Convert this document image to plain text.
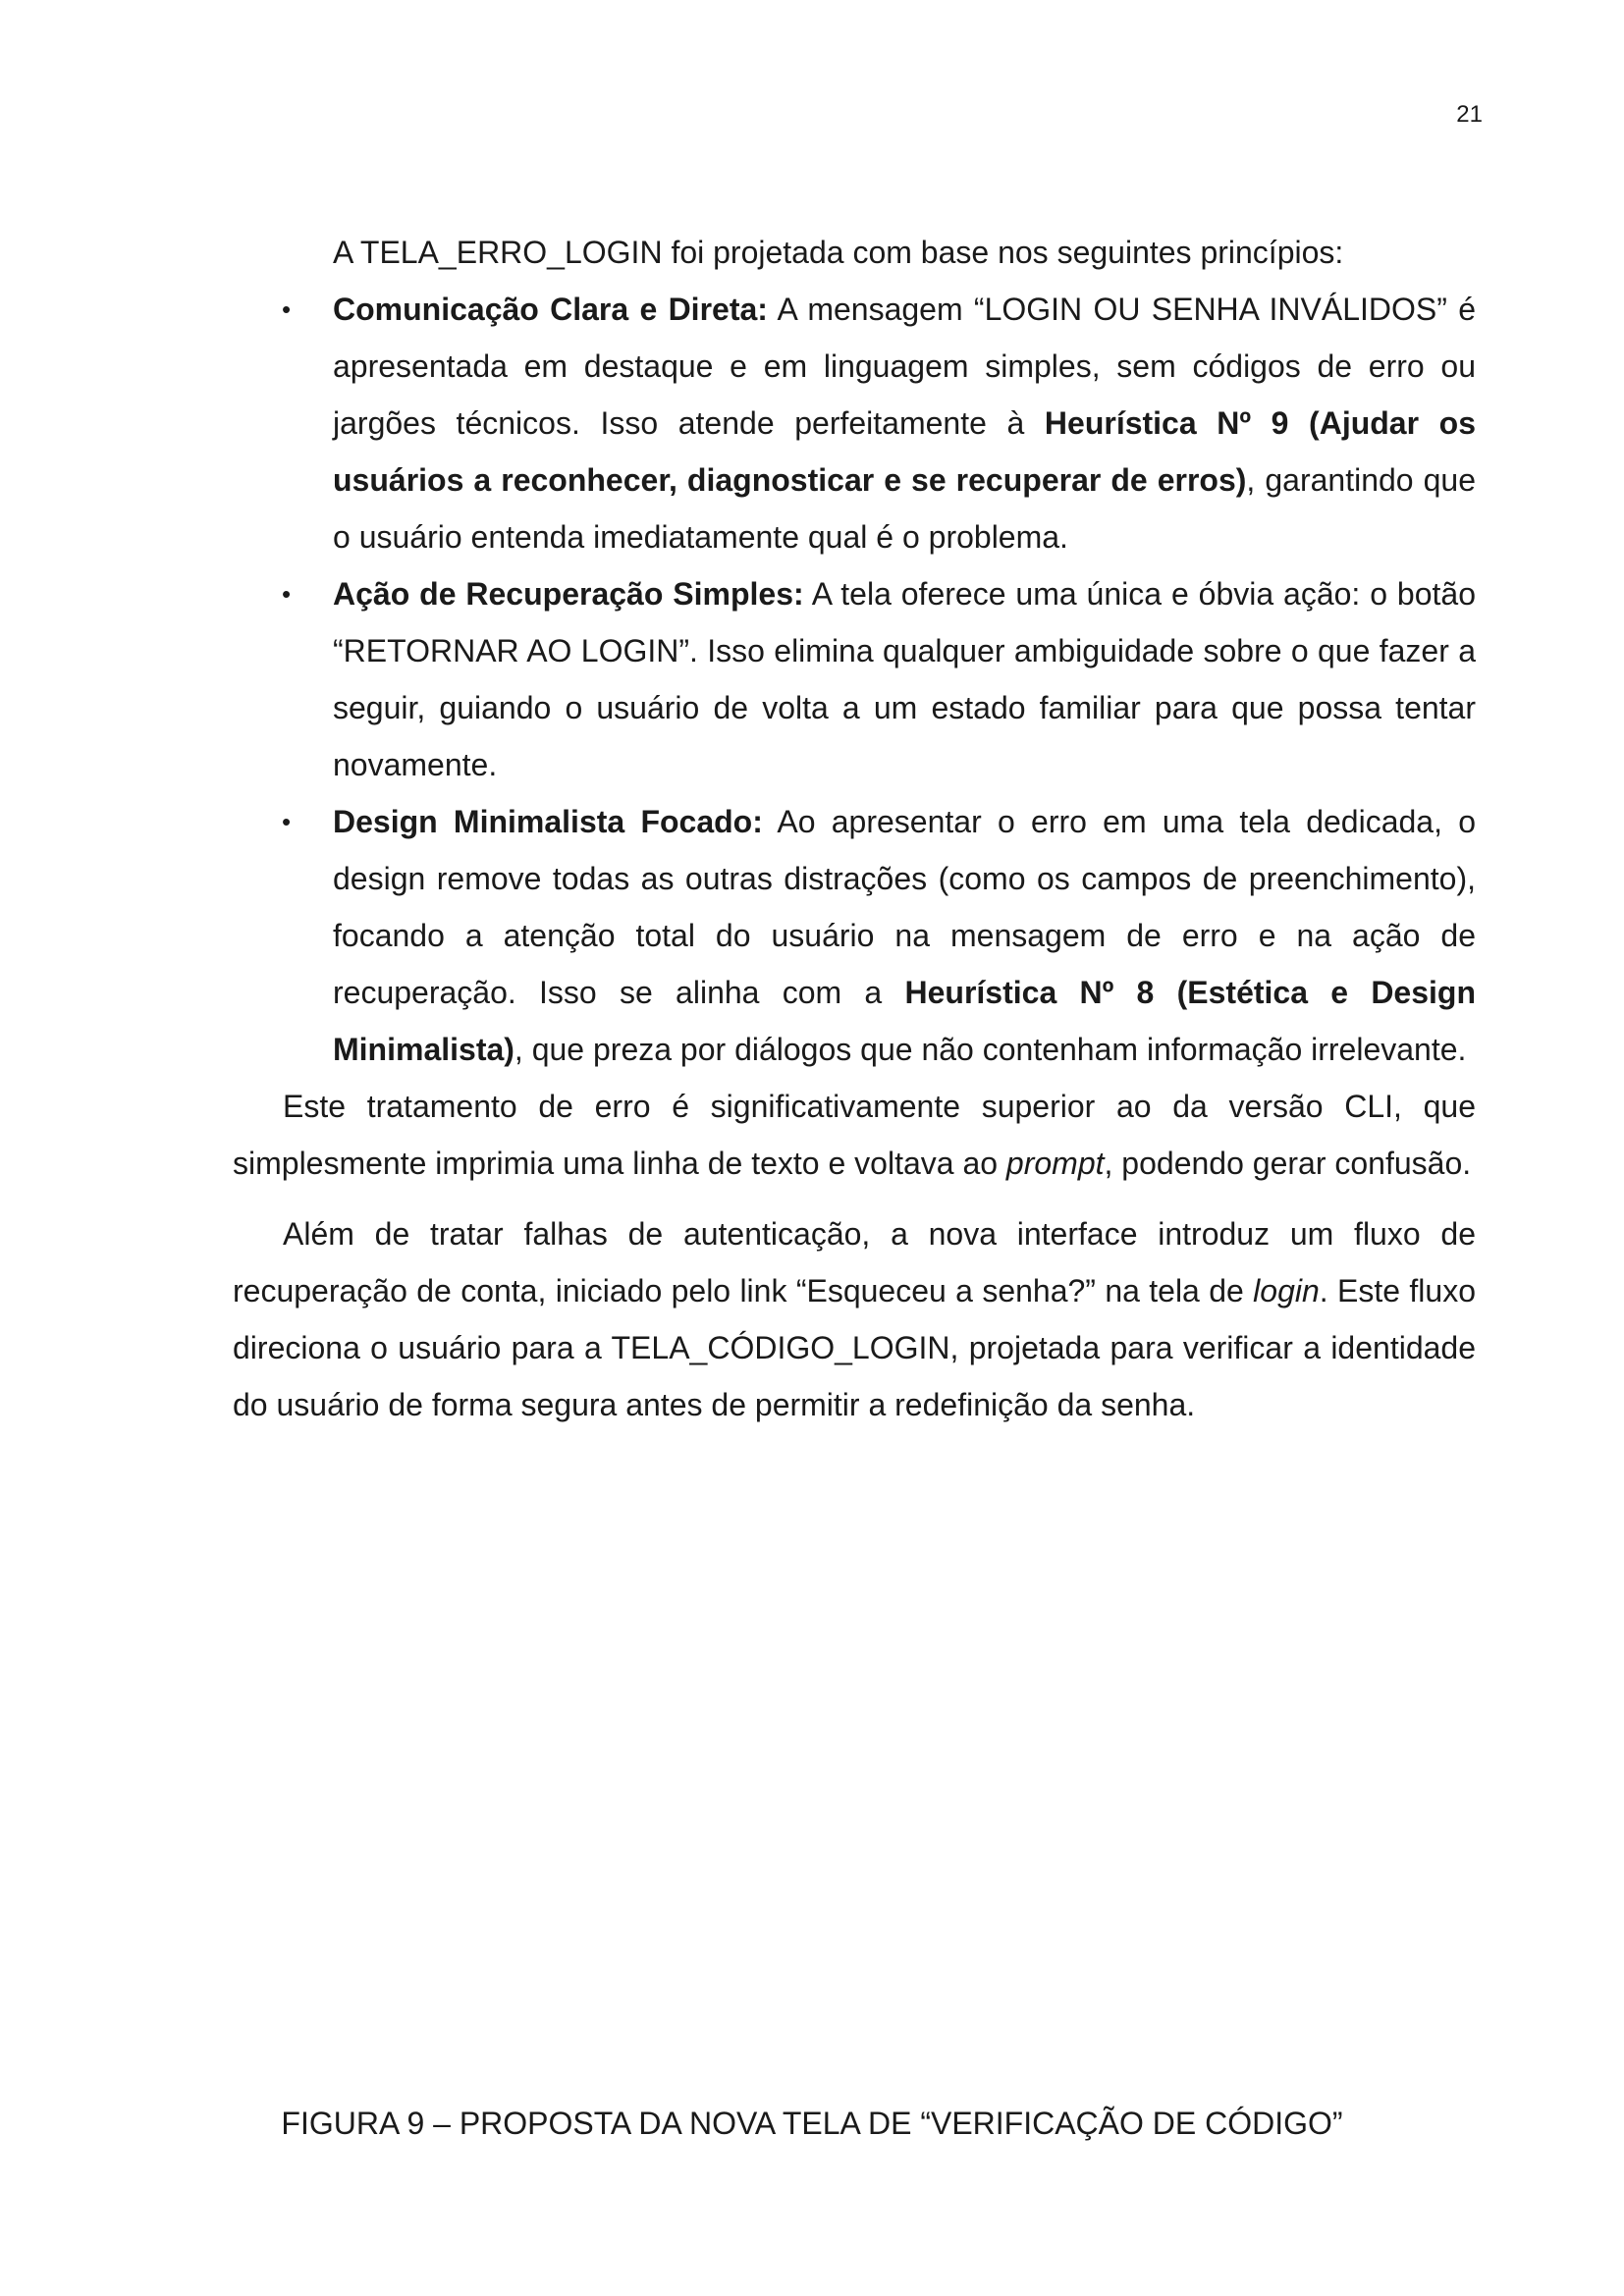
21

A TELA_ERRO_LOGIN foi projetada com base nos seguintes princípios:

• Comunicação Clara e Direta: A mensagem “LOGIN OU SENHA INVÁLIDOS” é apresentada em destaque e em linguagem simples, sem códigos de erro ou jargões técnicos. Isso atende perfeitamente à Heurística Nº 9 (Ajudar os usuários a reconhecer, diagnosticar e se recuperar de erros), garantindo que o usuário entenda imediatamente qual é o problema.
• Ação de Recuperação Simples: A tela oferece uma única e óbvia ação: o botão “RETORNAR AO LOGIN”. Isso elimina qualquer ambiguidade sobre o que fazer a seguir, guiando o usuário de volta a um estado familiar para que possa tentar novamente.
• Design Minimalista Focado: Ao apresentar o erro em uma tela dedicada, o design remove todas as outras distrações (como os campos de preenchimento), focando a atenção total do usuário na mensagem de erro e na ação de recuperação. Isso se alinha com a Heurística Nº 8 (Estética e Design Minimalista), que preza por diálogos que não contenham informação irrelevante.

Este tratamento de erro é significativamente superior ao da versão CLI, que simplesmente imprimia uma linha de texto e voltava ao prompt, podendo gerar confusão.

Além de tratar falhas de autenticação, a nova interface introduz um fluxo de recuperação de conta, iniciado pelo link “Esqueceu a senha?” na tela de login. Este fluxo direciona o usuário para a TELA_CÓDIGO_LOGIN, projetada para verificar a identidade do usuário de forma segura antes de permitir a redefinição da senha.

FIGURA 9 – PROPOSTA DA NOVA TELA DE “VERIFICAÇÃO DE CÓDIGO”
